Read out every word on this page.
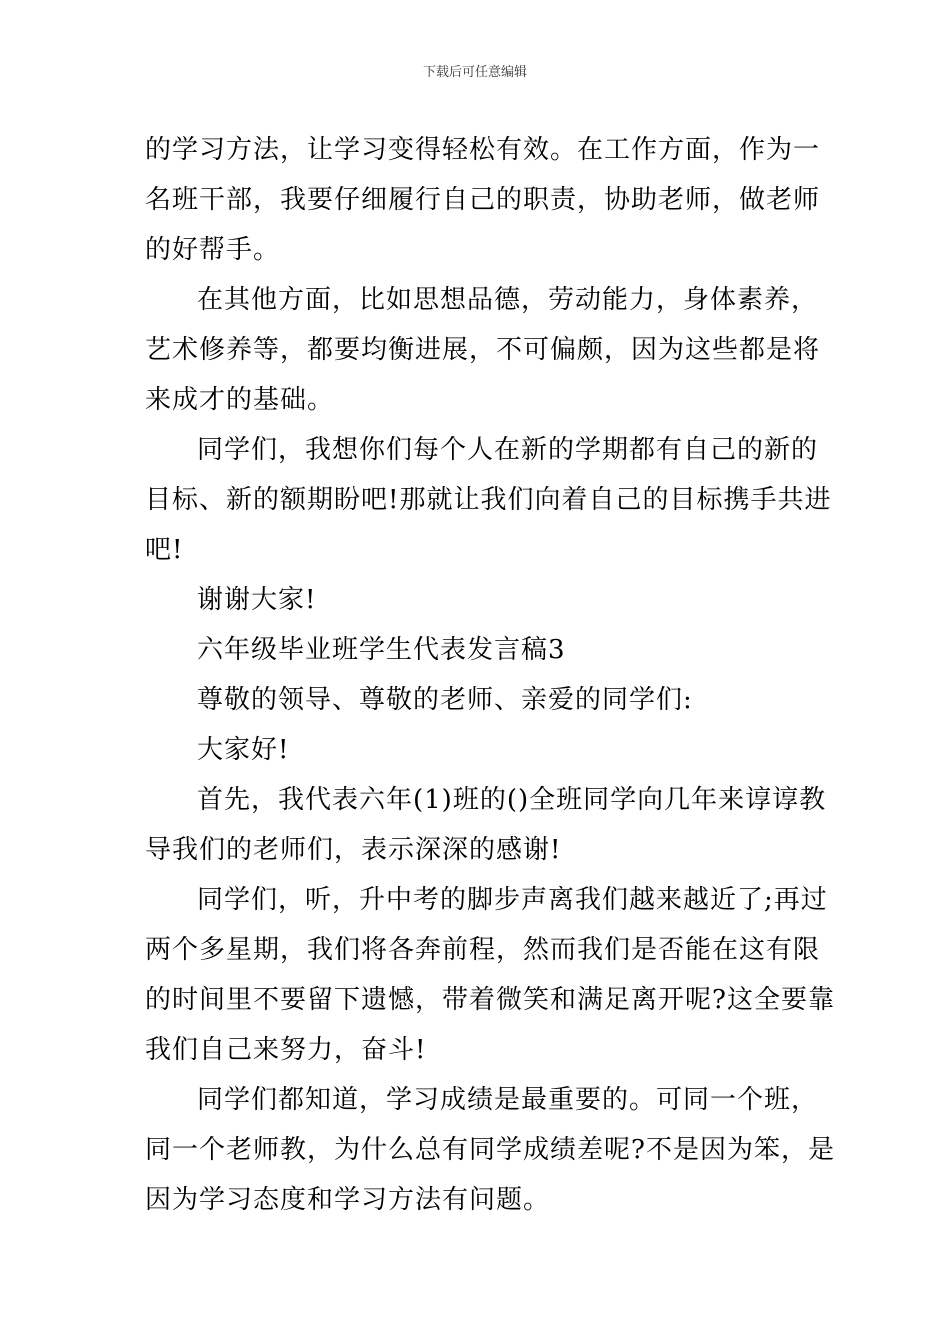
下载后可任意编辑
的学习方法，让学习变得轻松有效。在工作方面，作为一
名班干部，我要仔细履行自己的职责，协助老师，做老师
的好帮手。
在其他方面，比如思想品德，劳动能力，身体素养，
艺术修养等，都要均衡进展，不可偏颇，因为这些都是将
来成才的基础。
同学们，我想你们每个人在新的学期都有自己的新的
目标、新的额期盼吧!那就让我们向着自己的目标携手共进
吧!
谢谢大家!
六年级毕业班学生代表发言稿3
尊敬的领导、尊敬的老师、亲爱的同学们:
大家好!
首先，我代表六年(1)班的()全班同学向几年来谆谆教
导我们的老师们，表示深深的感谢!
同学们，听，升中考的脚步声离我们越来越近了;再过
两个多星期，我们将各奔前程，然而我们是否能在这有限
的时间里不要留下遗憾，带着微笑和满足离开呢?这全要靠
我们自己来努力，奋斗!
同学们都知道，学习成绩是最重要的。可同一个班，
同一个老师教，为什么总有同学成绩差呢?不是因为笨，是
因为学习态度和学习方法有问题。
